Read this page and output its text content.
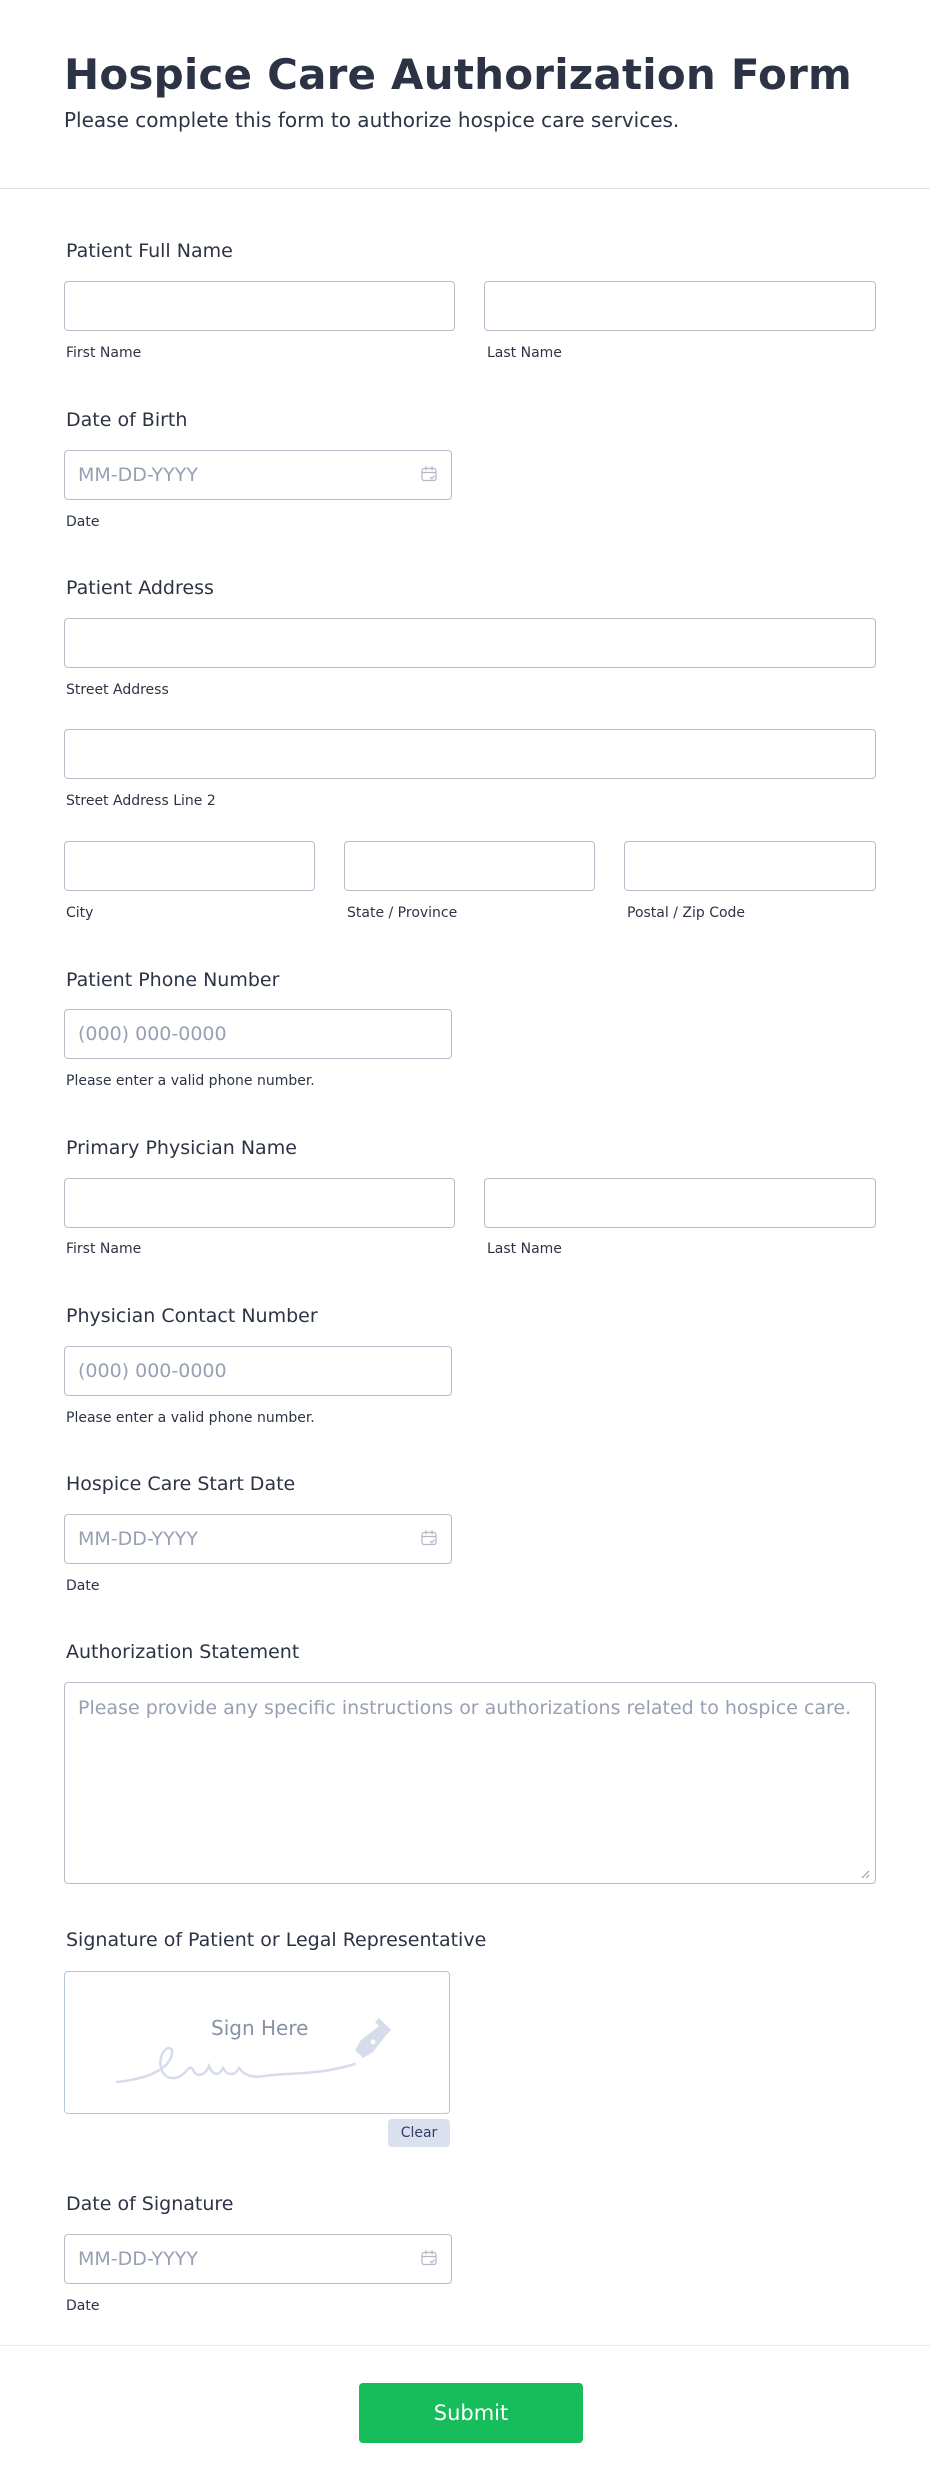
Hospice Care Authorization Form

Please complete this form to authorize hospice care services.

Patient Full Name
First Name	Last Name
Date of Birth
MM-DD-YYYY
Date
Patient Address
Street Address
Street Address Line 2
City	State / Province	Postal / Zip Code
Patient Phone Number
(000) 000-0000
Please enter a valid phone number.
Primary Physician Name
First Name	Last Name
Physician Contact Number
(000) 000-0000
Please enter a valid phone number.
Hospice Care Start Date
MM-DD-YYYY
Date
Authorization Statement
Please provide any specific instructions or authorizations related to hospice care.
Signature of Patient or Legal Representative
Sign Here
Clear
Date of Signature
MM-DD-YYYY
Date
Submit
